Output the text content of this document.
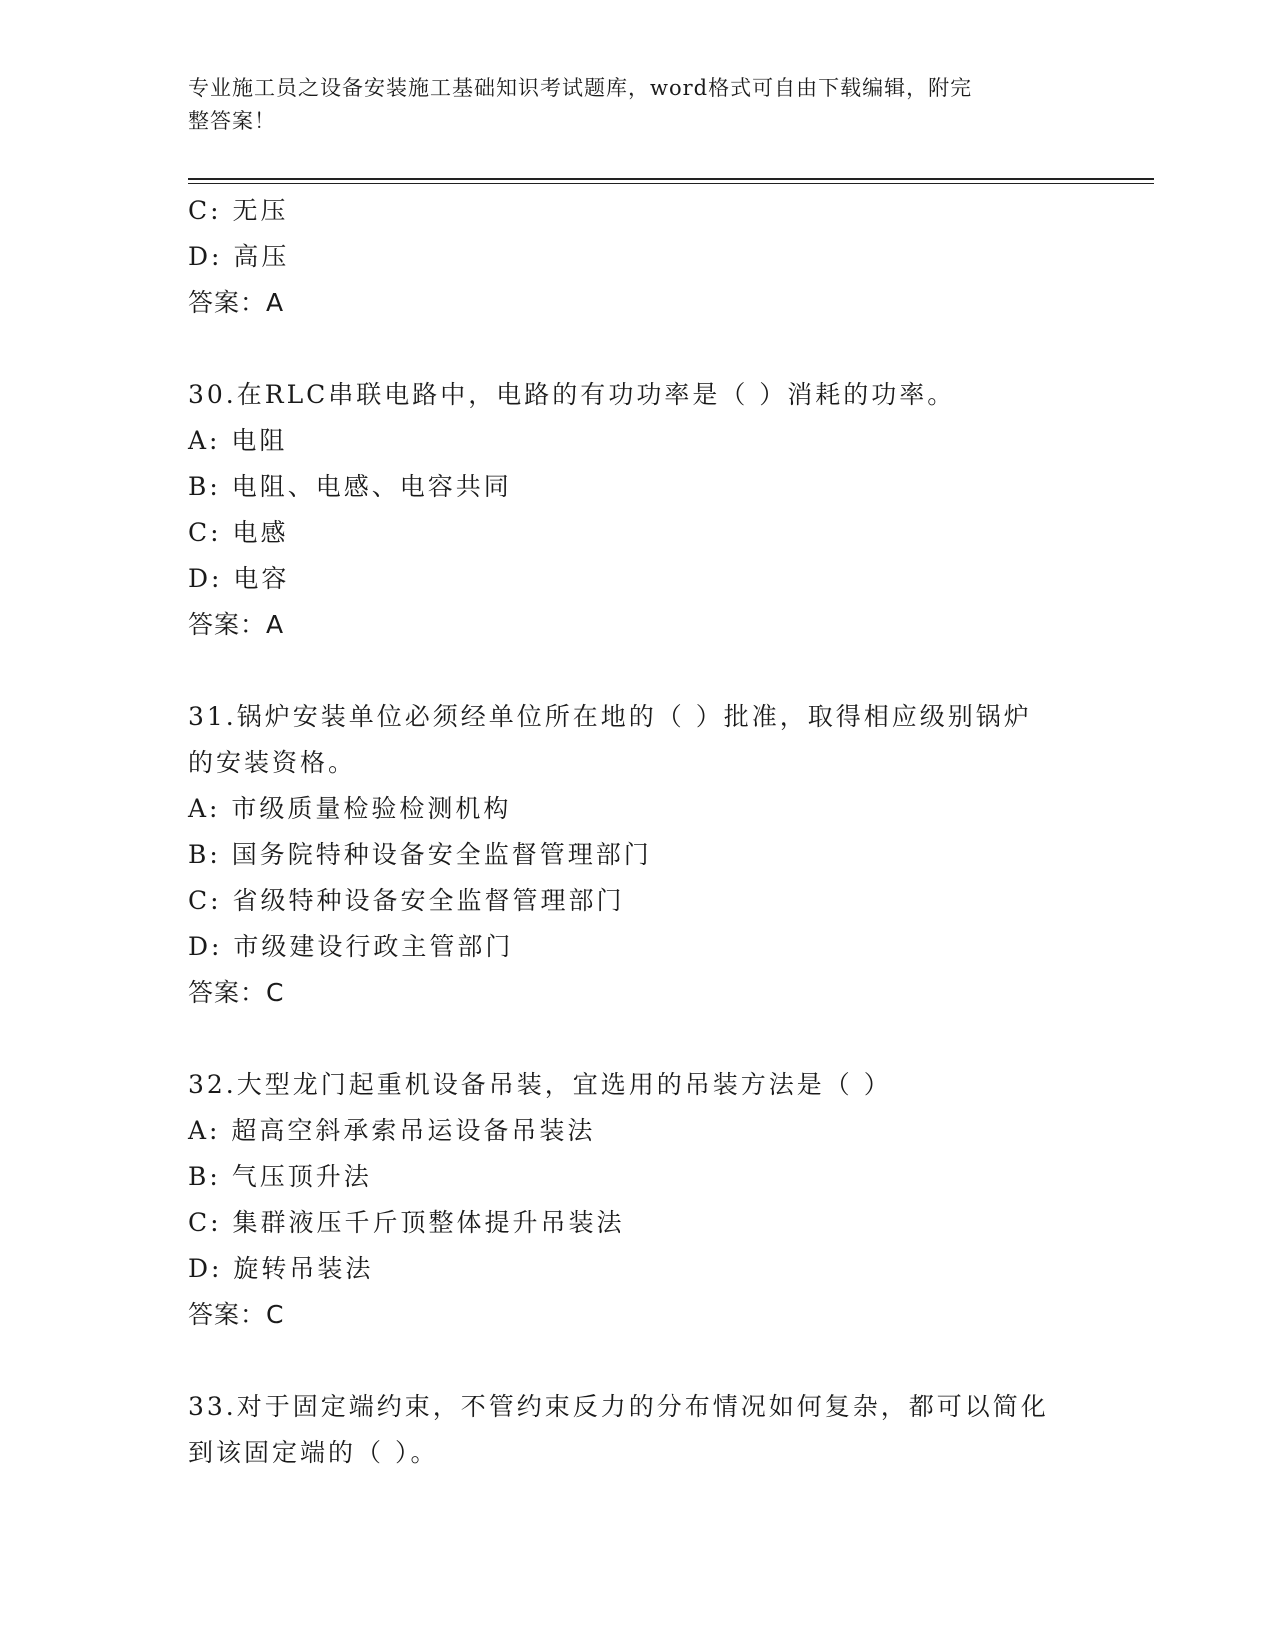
专业施工员之设备安装施工基础知识考试题库，word格式可自由下载编辑，附完
整答案！
C: 无压
D: 高压
答案：A
30.在RLC串联电路中，电路的有功功率是（ ）消耗的功率。
A: 电阻
B: 电阻、电感、电容共同
C: 电感
D: 电容
答案：A
31.锅炉安装单位必须经单位所在地的（ ）批准，取得相应级别锅炉
的安装资格。
A: 市级质量检验检测机构
B: 国务院特种设备安全监督管理部门
C: 省级特种设备安全监督管理部门
D: 市级建设行政主管部门
答案：C
32.大型龙门起重机设备吊装，宜选用的吊装方法是（ ）
A: 超高空斜承索吊运设备吊装法
B: 气压顶升法
C: 集群液压千斤顶整体提升吊装法
D: 旋转吊装法
答案：C
33.对于固定端约束，不管约束反力的分布情况如何复杂，都可以简化
到该固定端的（ ）。
